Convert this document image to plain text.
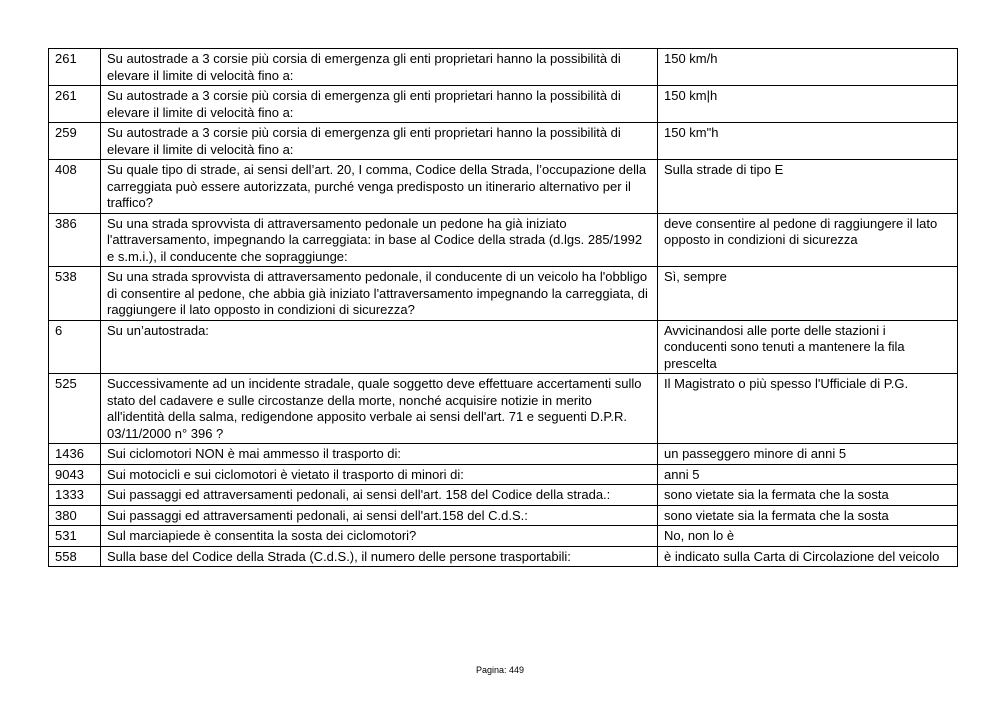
261	Su autostrade a 3 corsie più corsia di emergenza gli enti proprietari hanno la possibilità di elevare il limite di velocità fino a:	150 km/h
261	Su autostrade a 3 corsie più corsia di emergenza gli enti proprietari hanno la possibilità di elevare il limite di velocità fino a:	150 km|h
259	Su autostrade a 3 corsie più corsia di emergenza gli enti proprietari hanno la possibilità di elevare il limite di velocità fino a:	150 km"h
408	Su quale tipo di strade, ai sensi dell’art. 20, I comma, Codice della Strada, l’occupazione della carreggiata può essere autorizzata, purché venga predisposto un itinerario alternativo per il traffico?	Sulla strade di tipo E
386	Su una strada sprovvista di attraversamento pedonale un pedone ha già iniziato l'attraversamento, impegnando la carreggiata: in base al Codice della strada (d.lgs. 285/1992 e s.m.i.), il conducente che sopraggiunge:	deve consentire al pedone di raggiungere il lato opposto in condizioni di sicurezza
538	Su una strada sprovvista di attraversamento pedonale, il conducente di un veicolo ha l'obbligo di consentire al pedone, che abbia già iniziato l'attraversamento impegnando la carreggiata, di raggiungere il lato opposto in condizioni di sicurezza?	Sì, sempre
6	Su un’autostrada:	Avvicinandosi alle porte delle stazioni i conducenti sono tenuti a mantenere la fila prescelta
525	Successivamente ad un incidente stradale, quale soggetto deve effettuare accertamenti sullo stato del cadavere e sulle circostanze della morte, nonché acquisire notizie in merito all'identità della salma, redigendone apposito verbale ai sensi dell'art. 71 e seguenti D.P.R. 03/11/2000 n° 396 ?	Il Magistrato o più spesso l'Ufficiale di P.G.
1436	Sui ciclomotori NON è mai ammesso il trasporto di:	un passeggero minore di anni 5
9043	Sui motocicli e sui ciclomotori è vietato il trasporto di minori di:	anni 5
1333	Sui passaggi ed attraversamenti pedonali, ai sensi dell'art. 158 del Codice della strada.:	sono vietate sia la fermata che la sosta
380	Sui passaggi ed attraversamenti pedonali, ai sensi dell'art.158 del C.d.S.:	sono vietate sia la fermata che la sosta
531	Sul marciapiede è consentita la sosta dei ciclomotori?	No, non lo è
558	Sulla base del Codice della Strada (C.d.S.), il numero delle persone trasportabili:	è indicato sulla Carta di Circolazione del veicolo
Pagina: 449
